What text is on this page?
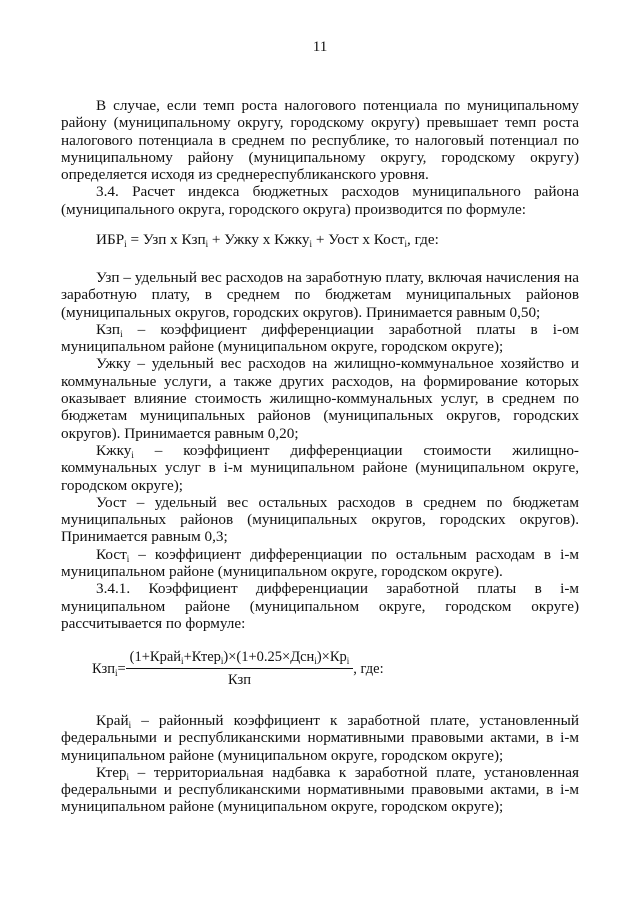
11

В случае, если темп роста налогового потенциала по муниципальному району (муниципальному округу, городскому округу) превышает темп роста налогового потенциала в среднем по республике, то налоговый потенциал по муниципальному району (муниципальному округу, городскому округу) определяется исходя из среднереспубликанского уровня.

3.4. Расчет индекса бюджетных расходов муниципального района (муниципального округа, городского округа) производится по формуле:

$ИБР_i$ = Узп х Кзп$_i$ + Ужку х Кжку$_i$ + Уост х Кост$_i$, где:

Узп – удельный вес расходов на заработную плату, включая начисления на заработную плату, в среднем по бюджетам муниципальных районов (муниципальных округов, городских округов). Принимается равным 0,50;

Кзп$_i$ – коэффициент дифференциации заработной платы в i-ом муниципальном районе (муниципальном округе, городском округе);

Ужку – удельный вес расходов на жилищно-коммунальное хозяйство и коммунальные услуги, а также других расходов, на формирование которых оказывает влияние стоимость жилищно-коммунальных услуг, в среднем по бюджетам муниципальных районов (муниципальных округов, городских округов). Принимается равным 0,20;

Кжку$_i$ – коэффициент дифференциации стоимости жилищно-коммунальных услуг в i-м муниципальном районе (муниципальном округе, городском округе);

Уост – удельный вес остальных расходов в среднем по бюджетам муниципальных районов (муниципальных округов, городских округов). Принимается равным 0,3;

Кост$_i$ – коэффициент дифференциации по остальным расходам в i-м муниципальном районе (муниципальном округе, городском округе).

3.4.1. Коэффициент дифференциации заработной платы в i-м муниципальном районе (муниципальном округе, городском округе) рассчитывается по формуле:

$Кзп_i= \frac{(1+Край_i+Ктер_i)\times(1+0.25\times Дсн_i)\times Кр_i}{\text{Кзп}}$ , где:

Край$_i$ – районный коэффициент к заработной плате, установленный федеральными и республиканскими нормативными правовыми актами, в i-м муниципальном районе (муниципальном округе, городском округе);

Ктер$_i$ – территориальная надбавка к заработной плате, установленная федеральными и республиканскими нормативными правовыми актами, в i-м муниципальном районе (муниципальном округе, городском округе);
